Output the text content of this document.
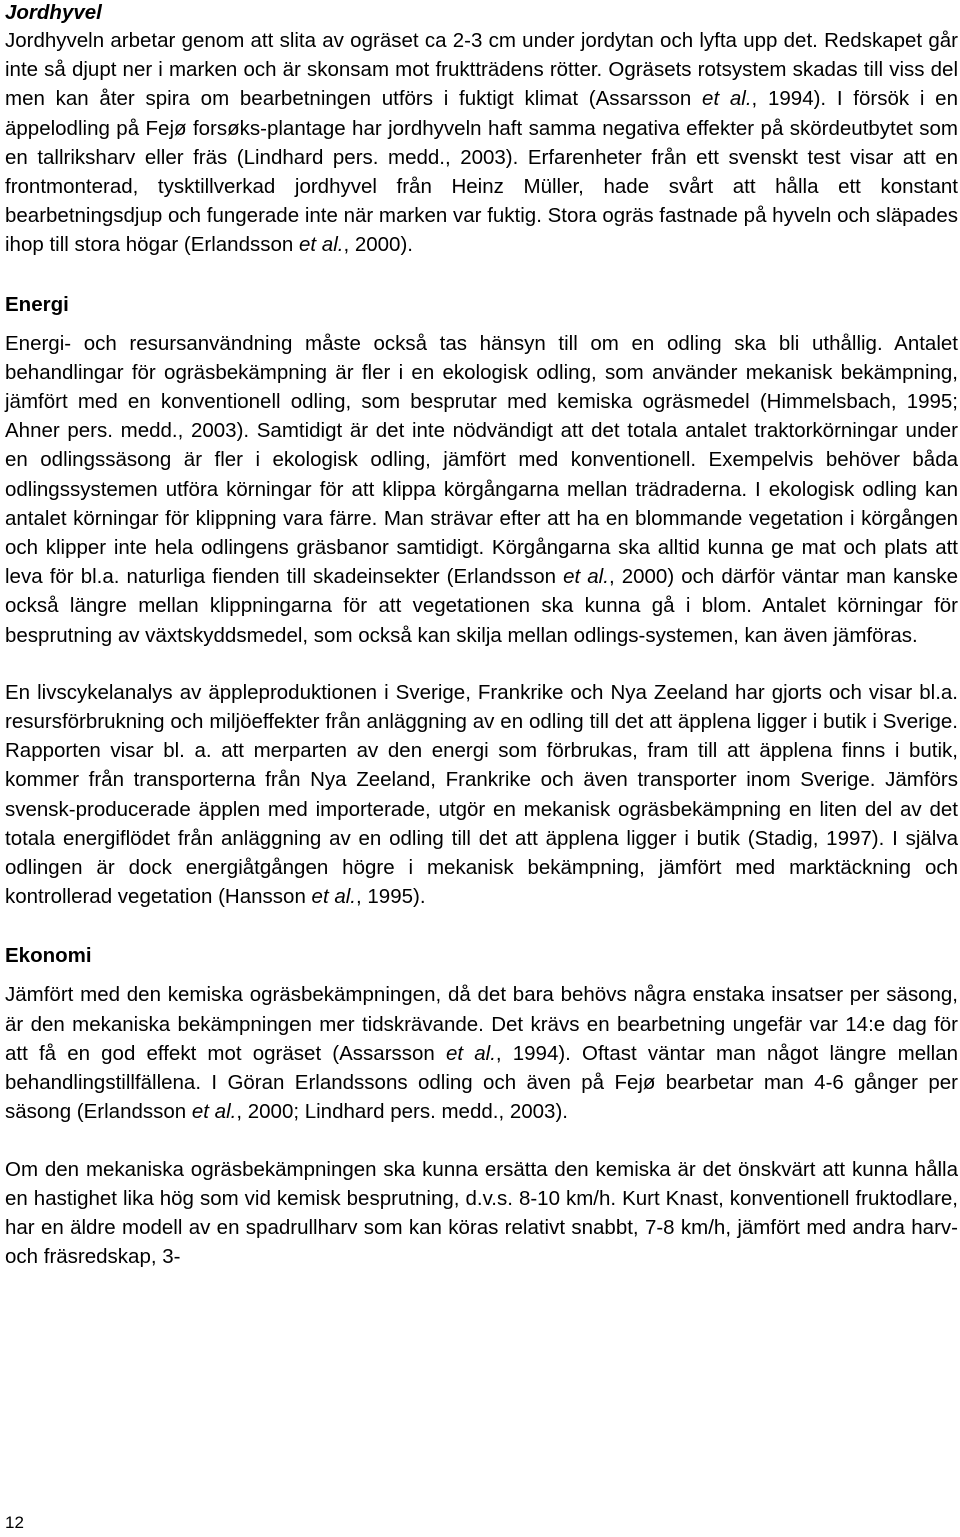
Jordhyvel

Jordhyveln arbetar genom att slita av ogräset ca 2-3 cm under jordytan och lyfta upp det. Redskapet går inte så djupt ner i marken och är skonsam mot fruktträdens rötter. Ogräsets rotsystem skadas till viss del men kan åter spira om bearbetningen utförs i fuktigt klimat (Assarsson et al., 1994). I försök i en äppelodling på Fejø forsøks-plantage har jordhyveln haft samma negativa effekter på skördeutbytet som en tallriksharv eller fräs (Lindhard pers. medd., 2003). Erfarenheter från ett svenskt test visar att en frontmonterad, tysktillverkad jordhyvel från Heinz Müller, hade svårt att hålla ett konstant bearbetningsdjup och fungerade inte när marken var fuktig. Stora ogräs fastnade på hyveln och släpades ihop till stora högar (Erlandsson et al., 2000).

Energi

Energi- och resursanvändning måste också tas hänsyn till om en odling ska bli uthållig. Antalet behandlingar för ogräsbekämpning är fler i en ekologisk odling, som använder mekanisk bekämpning, jämfört med en konventionell odling, som besprutar med kemiska ogräsmedel (Himmelsbach, 1995; Ahner pers. medd., 2003). Samtidigt är det inte nödvändigt att det totala antalet traktorkörningar under en odlingssäsong är fler i ekologisk odling, jämfört med konventionell. Exempelvis behöver båda odlingssystemen utföra körningar för att klippa körgångarna mellan trädraderna. I ekologisk odling kan antalet körningar för klippning vara färre. Man strävar efter att ha en blommande vegetation i körgången och klipper inte hela odlingens gräsbanor samtidigt. Körgångarna ska alltid kunna ge mat och plats att leva för bl.a. naturliga fienden till skadeinsekter (Erlandsson et al., 2000) och därför väntar man kanske också längre mellan klippningarna för att vegetationen ska kunna gå i blom. Antalet körningar för besprutning av växtskyddsmedel, som också kan skilja mellan odlings-systemen, kan även jämföras.

En livscykelanalys av äppleproduktionen i Sverige, Frankrike och Nya Zeeland har gjorts och visar bl.a. resursförbrukning och miljöeffekter från anläggning av en odling till det att äpplena ligger i butik i Sverige. Rapporten visar bl. a. att merparten av den energi som förbrukas, fram till att äpplena finns i butik, kommer från transporterna från Nya Zeeland, Frankrike och även transporter inom Sverige. Jämförs svensk-producerade äpplen med importerade, utgör en mekanisk ogräsbekämpning en liten del av det totala energiflödet från anläggning av en odling till det att äpplena ligger i butik (Stadig, 1997). I själva odlingen är dock energiåtgången högre i mekanisk bekämpning, jämfört med marktäckning och kontrollerad vegetation (Hansson et al., 1995).

Ekonomi

Jämfört med den kemiska ogräsbekämpningen, då det bara behövs några enstaka insatser per säsong, är den mekaniska bekämpningen mer tidskrävande. Det krävs en bearbetning ungefär var 14:e dag för att få en god effekt mot ogräset (Assarsson et al., 1994). Oftast väntar man något längre mellan behandlingstillfällena. I Göran Erlandssons odling och även på Fejø bearbetar man 4-6 gånger per säsong (Erlandsson et al., 2000; Lindhard pers. medd., 2003).

Om den mekaniska ogräsbekämpningen ska kunna ersätta den kemiska är det önskvärt att kunna hålla en hastighet lika hög som vid kemisk besprutning, d.v.s. 8-10 km/h. Kurt Knast, konventionell fruktodlare, har en äldre modell av en spadrullharv som kan köras relativt snabbt, 7-8 km/h, jämfört med andra harv- och fräsredskap, 3-

12
